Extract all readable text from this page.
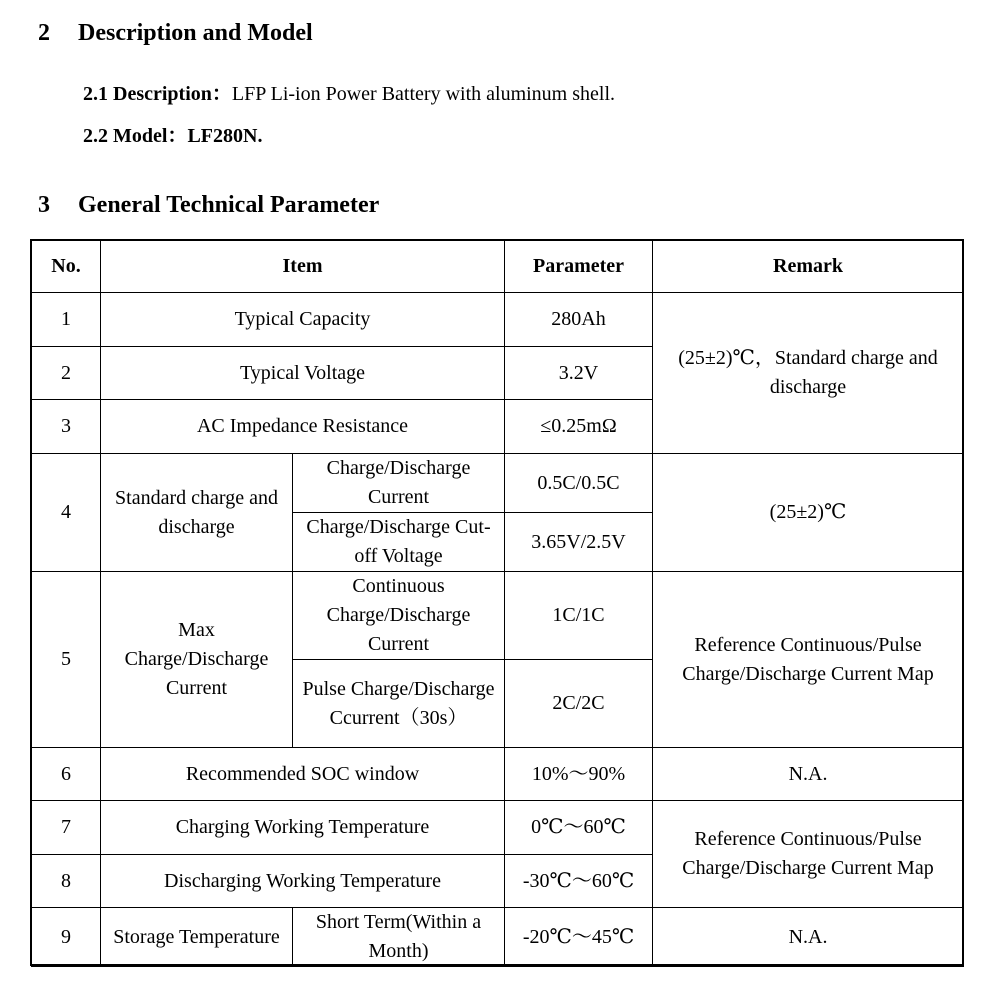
2 Description and Model
2.1 Description：LFP Li-ion Power Battery with aluminum shell.
2.2 Model：LF280N.
3 General Technical Parameter
No.	Item		Parameter	Remark
1	Typical Capacity		280Ah	(25±2)℃，Standard charge and discharge
2	Typical Voltage		3.2V	
3	AC Impedance Resistance		≤0.25mΩ	
4	Standard charge and discharge	Charge/Discharge Current	0.5C/0.5C	(25±2)℃
		Charge/Discharge Cut-off Voltage	3.65V/2.5V	
5	Max Charge/Discharge Current	Continuous Charge/Discharge Current	1C/1C	Reference Continuous/Pulse Charge/Discharge Current Map
		Pulse Charge/Discharge Ccurrent（30s）	2C/2C	
6	Recommended SOC window		10%～90%	N.A.
7	Charging Working Temperature		0℃～60℃	Reference Continuous/Pulse Charge/Discharge Current Map
8	Discharging Working Temperature		-30℃～60℃	
9	Storage Temperature	Short Term(Within a Month)	-20℃～45℃	N.A.
